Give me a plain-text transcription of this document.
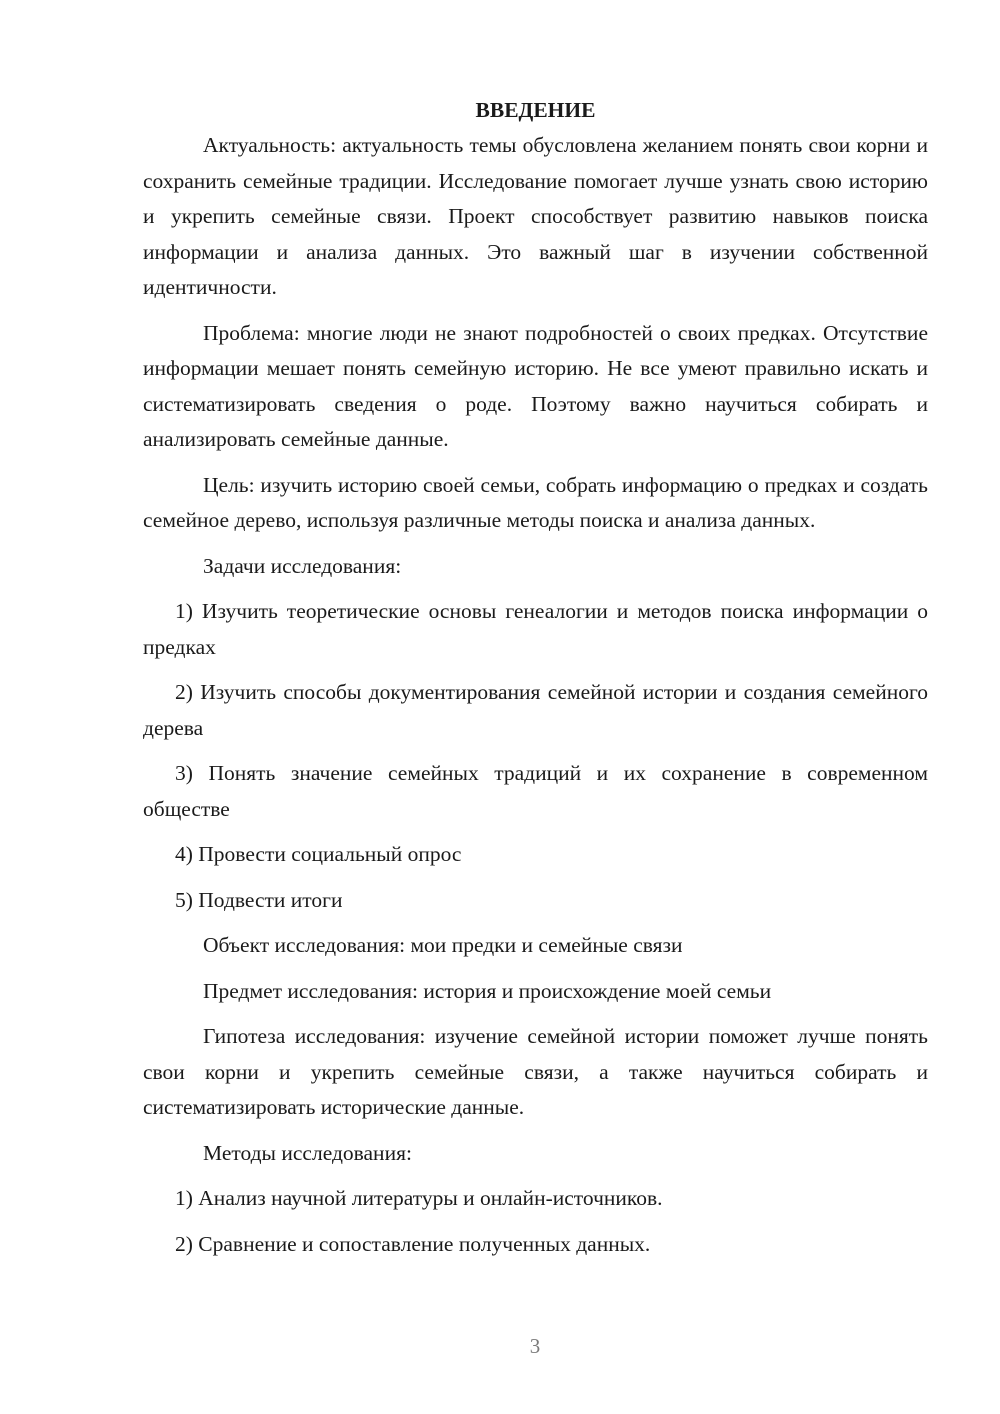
ВВЕДЕНИЕ

Актуальность: актуальность темы обусловлена желанием понять свои корни и сохранить семейные традиции. Исследование помогает лучше узнать свою историю и укрепить семейные связи. Проект способствует развитию навыков поиска информации и анализа данных. Это важный шаг в изучении собственной идентичности.

Проблема: многие люди не знают подробностей о своих предках. Отсутствие информации мешает понять семейную историю. Не все умеют правильно искать и систематизировать сведения о роде. Поэтому важно научиться собирать и анализировать семейные данные.

Цель: изучить историю своей семьи, собрать информацию о предках и создать семейное дерево, используя различные методы поиска и анализа данных.

Задачи исследования:

1) Изучить теоретические основы генеалогии и методов поиска информации о предках

2) Изучить способы документирования семейной истории и создания семейного дерева

3) Понять значение семейных традиций и их сохранение в современном обществе

4) Провести социальный опрос

5) Подвести итоги

Объект исследования: мои предки и семейные связи

Предмет исследования: история и происхождение моей семьи

Гипотеза исследования: изучение семейной истории поможет лучше понять свои корни и укрепить семейные связи, а также научиться собирать и систематизировать исторические данные.

Методы исследования:

1) Анализ научной литературы и онлайн-источников.

2) Сравнение и сопоставление полученных данных.

3
